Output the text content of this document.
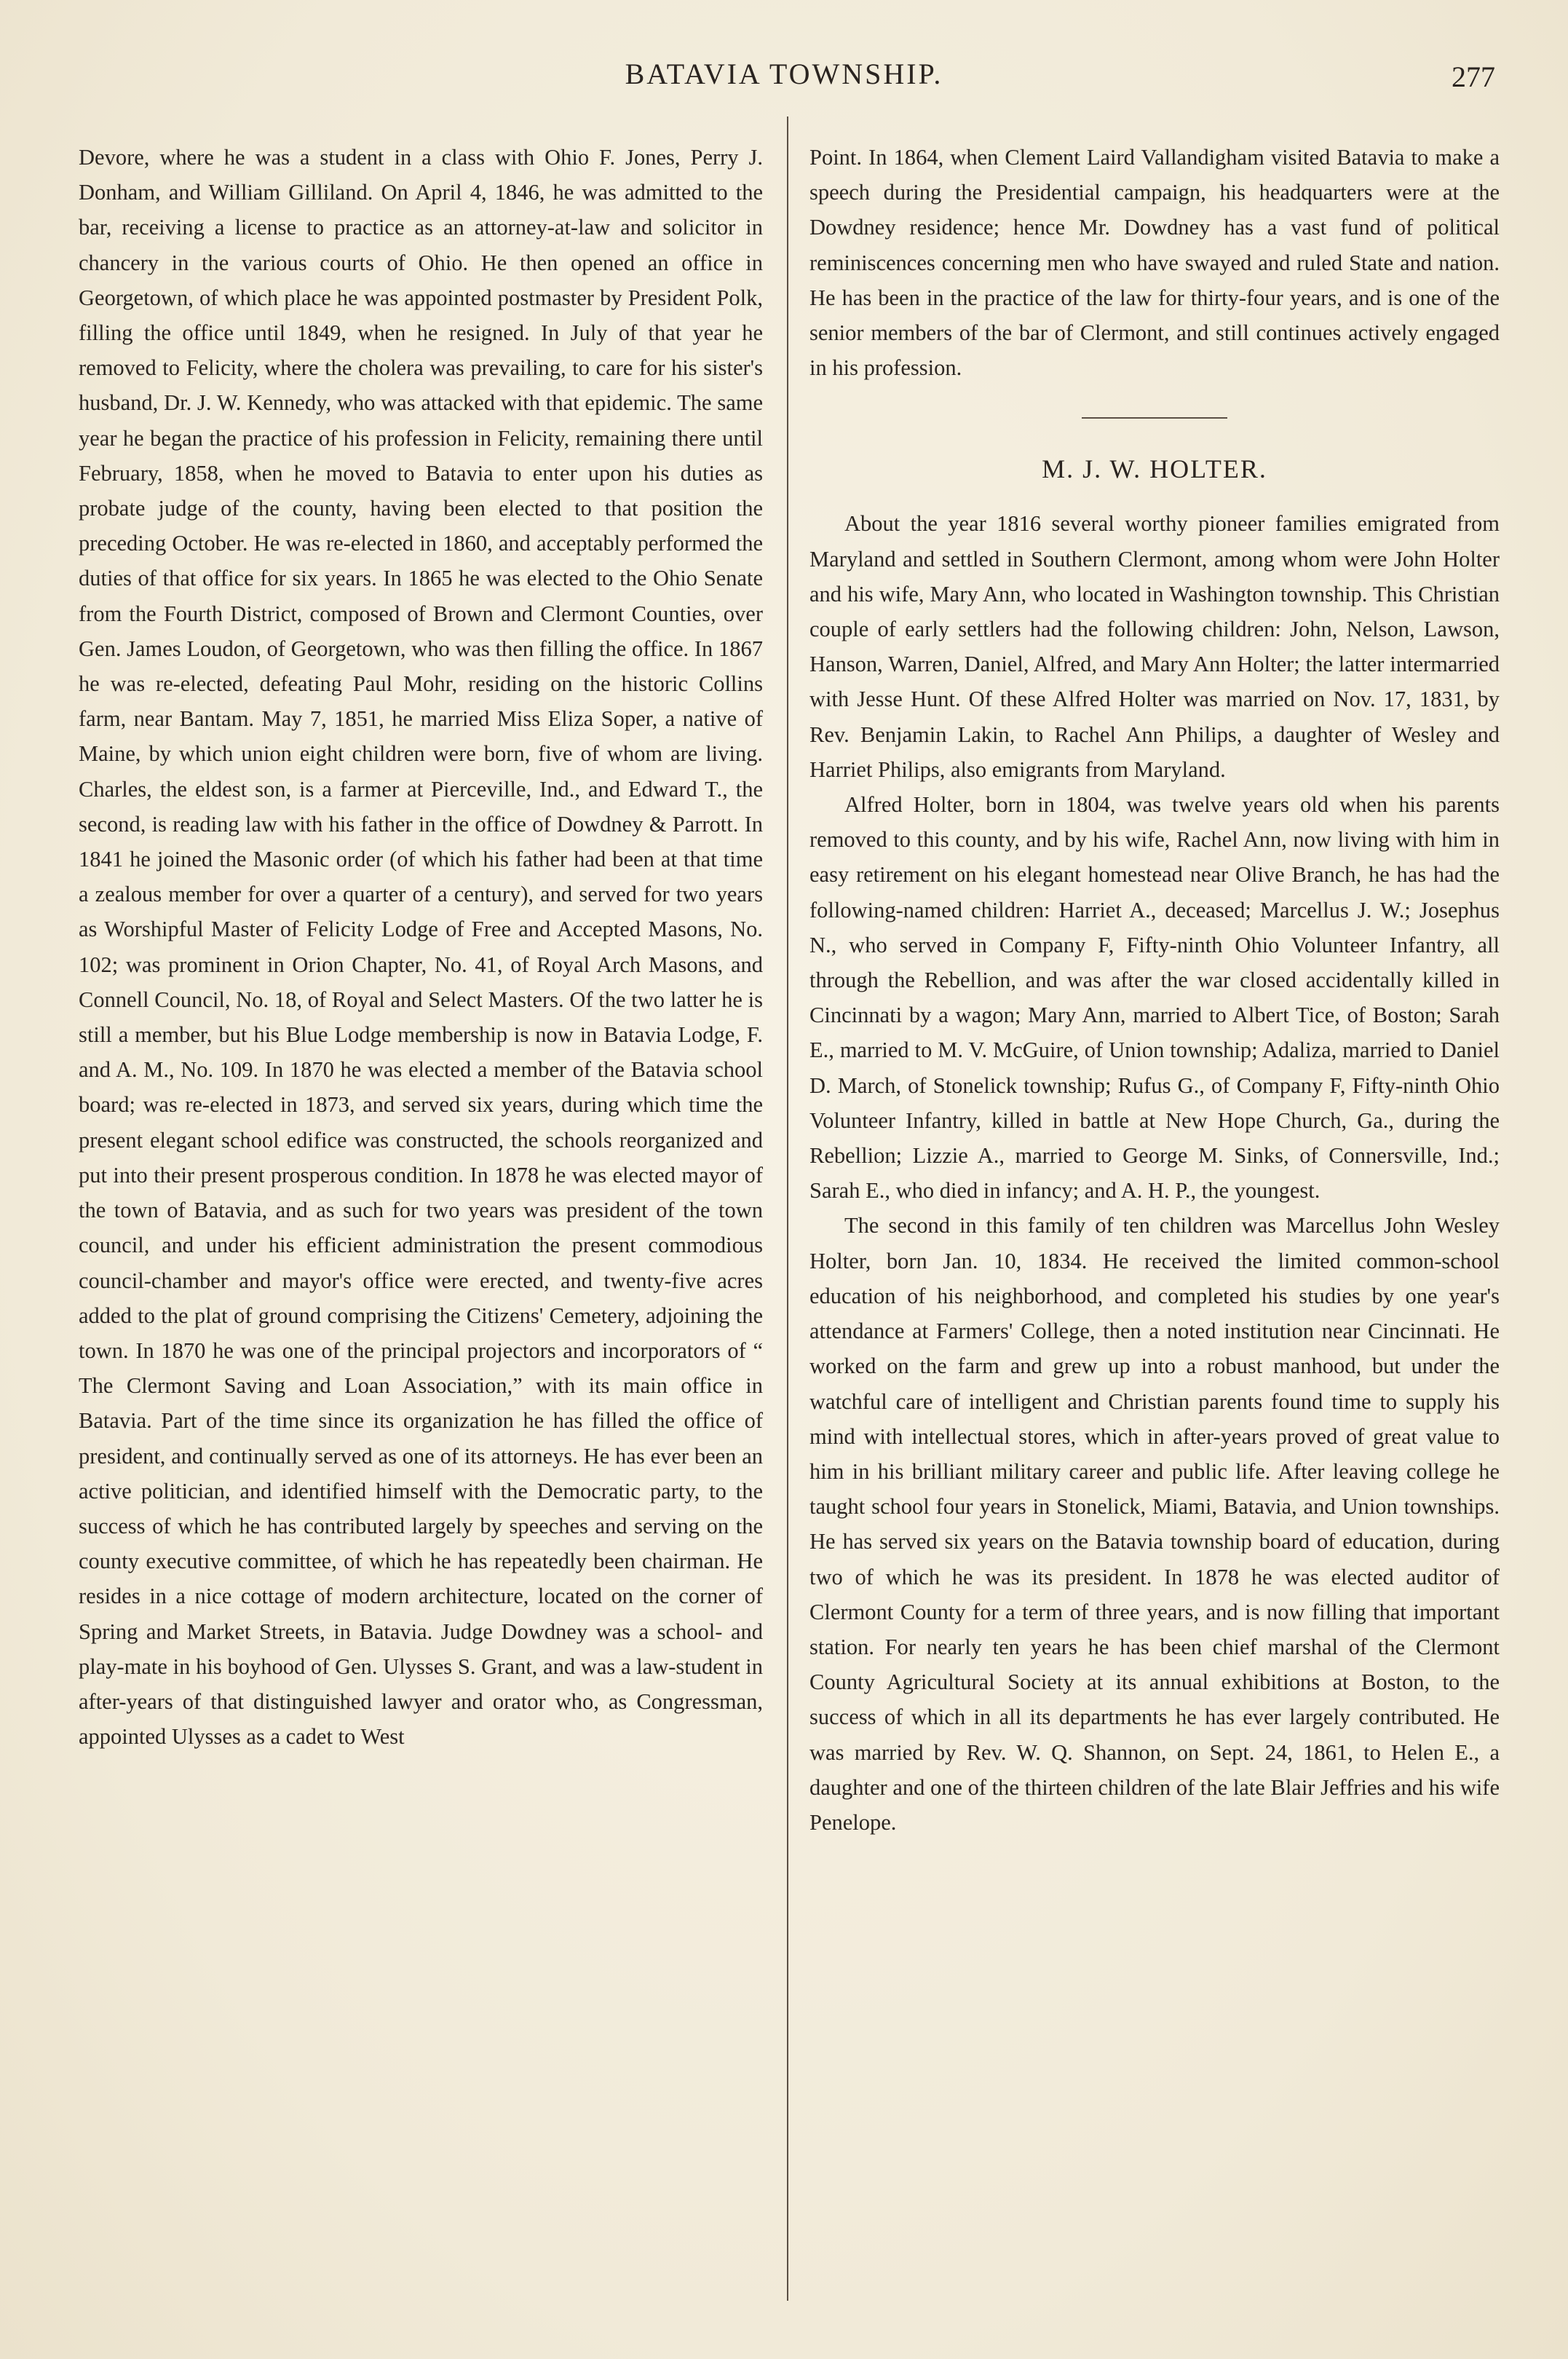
BATAVIA TOWNSHIP.	277

Devore, where he was a student in a class with Ohio F. Jones, Perry J. Donham, and William Gilliland. On April 4, 1846, he was admitted to the bar, receiving a license to practice as an attorney-at-law and solicitor in chancery in the various courts of Ohio. He then opened an office in Georgetown, of which place he was appointed postmaster by President Polk, filling the office until 1849, when he resigned. In July of that year he removed to Felicity, where the cholera was prevailing, to care for his sister's husband, Dr. J. W. Kennedy, who was attacked with that epidemic. The same year he began the practice of his profession in Felicity, remaining there until February, 1858, when he moved to Batavia to enter upon his duties as probate judge of the county, having been elected to that position the preceding October. He was re-elected in 1860, and acceptably performed the duties of that office for six years. In 1865 he was elected to the Ohio Senate from the Fourth District, composed of Brown and Clermont Counties, over Gen. James Loudon, of Georgetown, who was then filling the office. In 1867 he was re-elected, defeating Paul Mohr, residing on the historic Collins farm, near Bantam. May 7, 1851, he married Miss Eliza Soper, a native of Maine, by which union eight children were born, five of whom are living. Charles, the eldest son, is a farmer at Pierceville, Ind., and Edward T., the second, is reading law with his father in the office of Dowdney & Parrott. In 1841 he joined the Masonic order (of which his father had been at that time a zealous member for over a quarter of a century), and served for two years as Worshipful Master of Felicity Lodge of Free and Accepted Masons, No. 102; was prominent in Orion Chapter, No. 41, of Royal Arch Masons, and Connell Council, No. 18, of Royal and Select Masters. Of the two latter he is still a member, but his Blue Lodge membership is now in Batavia Lodge, F. and A. M., No. 109. In 1870 he was elected a member of the Batavia school board; was re-elected in 1873, and served six years, during which time the present elegant school edifice was constructed, the schools reorganized and put into their present prosperous condition. In 1878 he was elected mayor of the town of Batavia, and as such for two years was president of the town council, and under his efficient administration the present commodious council-chamber and mayor's office were erected, and twenty-five acres added to the plat of ground comprising the Citizens' Cemetery, adjoining the town. In 1870 he was one of the principal projectors and incorporators of “ The Clermont Saving and Loan Association,” with its main office in Batavia. Part of the time since its organization he has filled the office of president, and continually served as one of its attorneys. He has ever been an active politician, and identified himself with the Democratic party, to the success of which he has contributed largely by speeches and serving on the county executive committee, of which he has repeatedly been chairman. He resides in a nice cottage of modern architecture, located on the corner of Spring and Market Streets, in Batavia. Judge Dowdney was a school- and play-mate in his boyhood of Gen. Ulysses S. Grant, and was a law-student in after-years of that distinguished lawyer and orator who, as Congressman, appointed Ulysses as a cadet to West

Point. In 1864, when Clement Laird Vallandigham visited Batavia to make a speech during the Presidential campaign, his headquarters were at the Dowdney residence; hence Mr. Dowdney has a vast fund of political reminiscences concerning men who have swayed and ruled State and nation. He has been in the practice of the law for thirty-four years, and is one of the senior members of the bar of Clermont, and still continues actively engaged in his profession.

M. J. W. HOLTER.

About the year 1816 several worthy pioneer families emigrated from Maryland and settled in Southern Clermont, among whom were John Holter and his wife, Mary Ann, who located in Washington township. This Christian couple of early settlers had the following children: John, Nelson, Lawson, Hanson, Warren, Daniel, Alfred, and Mary Ann Holter; the latter intermarried with Jesse Hunt. Of these Alfred Holter was married on Nov. 17, 1831, by Rev. Benjamin Lakin, to Rachel Ann Philips, a daughter of Wesley and Harriet Philips, also emigrants from Maryland.

Alfred Holter, born in 1804, was twelve years old when his parents removed to this county, and by his wife, Rachel Ann, now living with him in easy retirement on his elegant homestead near Olive Branch, he has had the following-named children: Harriet A., deceased; Marcellus J. W.; Josephus N., who served in Company F, Fifty-ninth Ohio Volunteer Infantry, all through the Rebellion, and was after the war closed accidentally killed in Cincinnati by a wagon; Mary Ann, married to Albert Tice, of Boston; Sarah E., married to M. V. McGuire, of Union township; Adaliza, married to Daniel D. March, of Stonelick township; Rufus G., of Company F, Fifty-ninth Ohio Volunteer Infantry, killed in battle at New Hope Church, Ga., during the Rebellion; Lizzie A., married to George M. Sinks, of Connersville, Ind.; Sarah E., who died in infancy; and A. H. P., the youngest.

The second in this family of ten children was Marcellus John Wesley Holter, born Jan. 10, 1834. He received the limited common-school education of his neighborhood, and completed his studies by one year's attendance at Farmers' College, then a noted institution near Cincinnati. He worked on the farm and grew up into a robust manhood, but under the watchful care of intelligent and Christian parents found time to supply his mind with intellectual stores, which in after-years proved of great value to him in his brilliant military career and public life. After leaving college he taught school four years in Stonelick, Miami, Batavia, and Union townships. He has served six years on the Batavia township board of education, during two of which he was its president. In 1878 he was elected auditor of Clermont County for a term of three years, and is now filling that important station. For nearly ten years he has been chief marshal of the Clermont County Agricultural Society at its annual exhibitions at Boston, to the success of which in all its departments he has ever largely contributed. He was married by Rev. W. Q. Shannon, on Sept. 24, 1861, to Helen E., a daughter and one of the thirteen children of the late Blair Jeffries and his wife Penelope.
